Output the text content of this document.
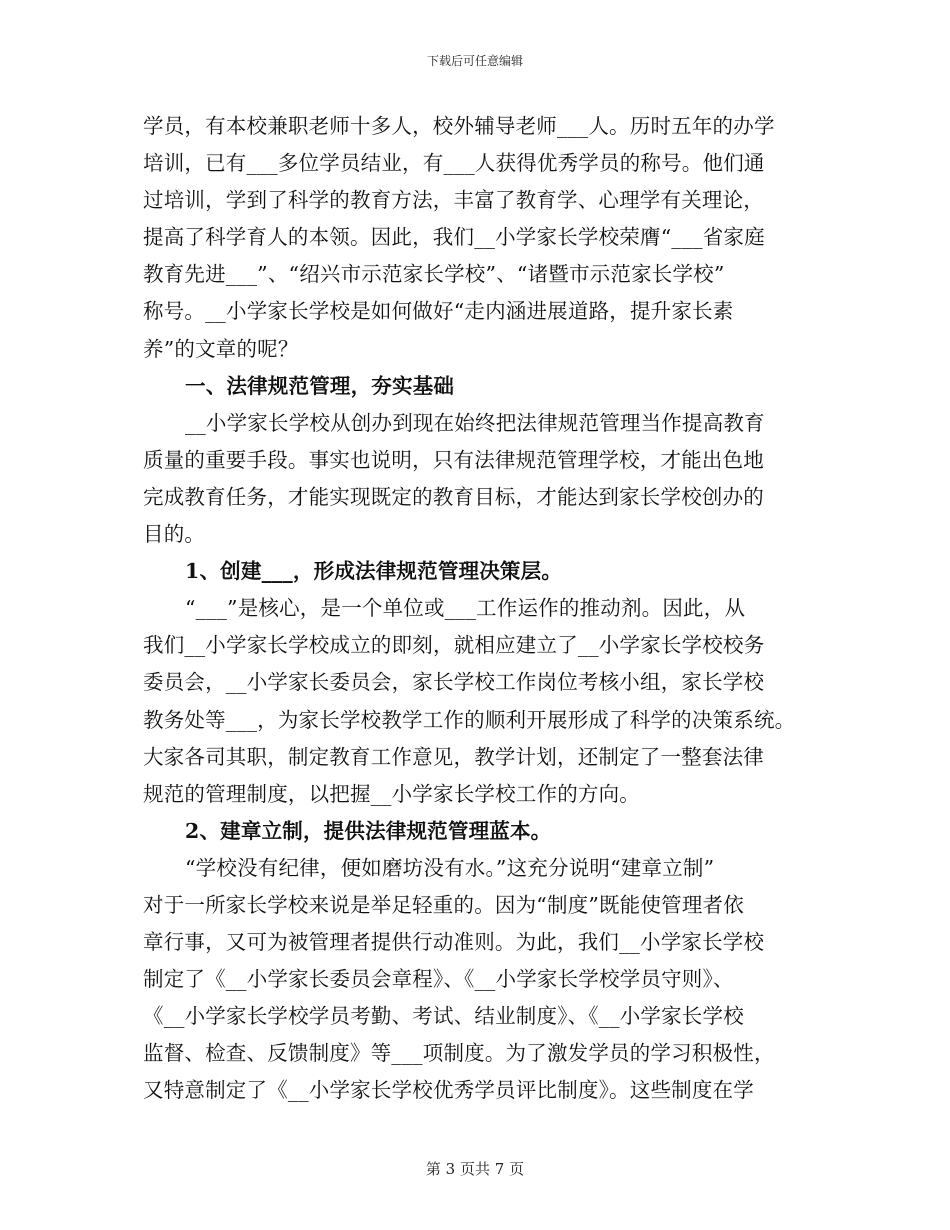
下载后可任意编辑
学员，有本校兼职老师十多人，校外辅导老师___人。历时五年的办学
培训，已有___多位学员结业，有___人获得优秀学员的称号。他们通
过培训，学到了科学的教育方法，丰富了教育学、心理学有关理论，
提高了科学育人的本领。因此，我们__小学家长学校荣膺“___省家庭
教育先进___”、“绍兴市示范家长学校”、“诸暨市示范家长学校”
称号。__小学家长学校是如何做好“走内涵进展道路，提升家长素
养”的文章的呢？
一、法律规范管理，夯实基础
__小学家长学校从创办到现在始终把法律规范管理当作提高教育
质量的重要手段。事实也说明，只有法律规范管理学校，才能出色地
完成教育任务，才能实现既定的教育目标，才能达到家长学校创办的
目的。
1、创建___，形成法律规范管理决策层。
“___”是核心，是一个单位或___工作运作的推动剂。因此，从
我们__小学家长学校成立的即刻，就相应建立了__小学家长学校校务
委员会，__小学家长委员会，家长学校工作岗位考核小组，家长学校
教务处等___，为家长学校教学工作的顺利开展形成了科学的决策系统。
大家各司其职，制定教育工作意见，教学计划，还制定了一整套法律
规范的管理制度，以把握__小学家长学校工作的方向。
2、建章立制，提供法律规范管理蓝本。
“学校没有纪律，便如磨坊没有水。”这充分说明“建章立制”
对于一所家长学校来说是举足轻重的。因为“制度”既能使管理者依
章行事，又可为被管理者提供行动准则。为此，我们__小学家长学校
制定了《__小学家长委员会章程》、《__小学家长学校学员守则》、
《__小学家长学校学员考勤、考试、结业制度》、《__小学家长学校
监督、检查、反馈制度》等___项制度。为了激发学员的学习积极性，
又特意制定了《__小学家长学校优秀学员评比制度》。这些制度在学
第 3 页共 7 页
